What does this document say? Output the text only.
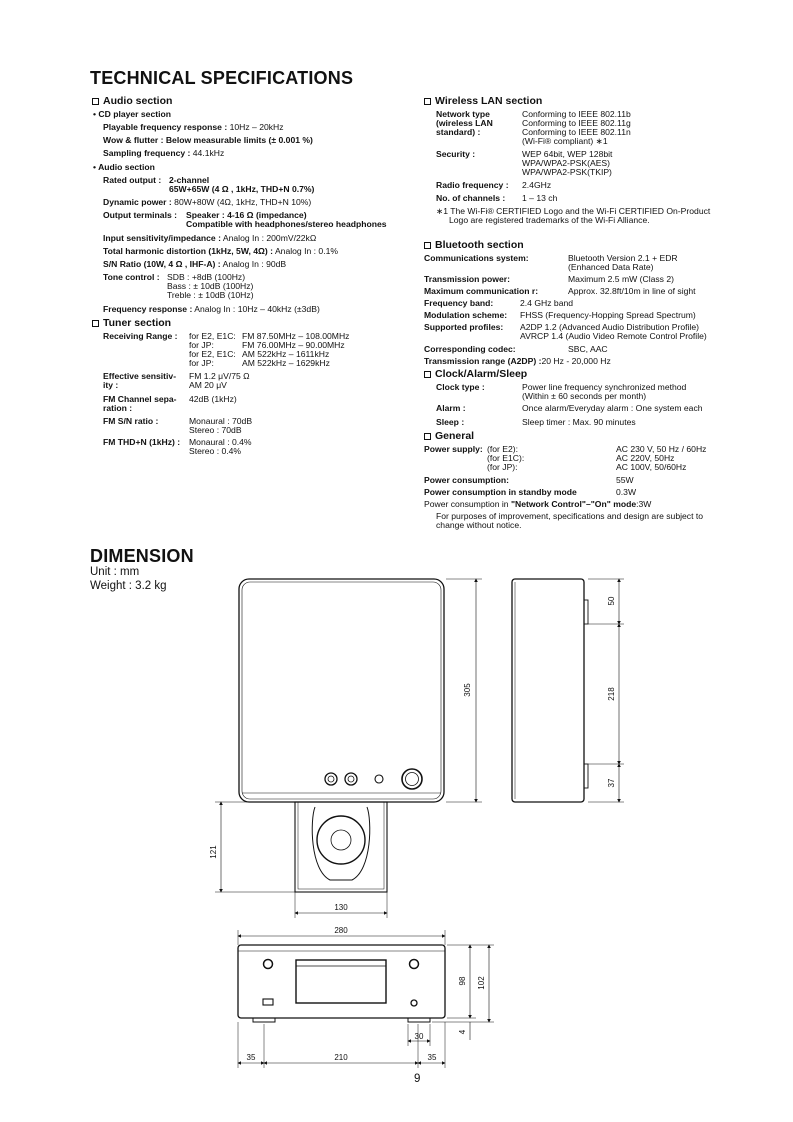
TECHNICAL SPECIFICATIONS
Audio section
• CD player section
Playable frequency response : 10Hz – 20kHz
Wow & flutter : Below measurable limits (± 0.001 %)
Sampling frequency : 44.1kHz
• Audio section
Rated output : 2-channel
65W+65W (4 Ω , 1kHz, THD+N 0.7%)
Dynamic power : 80W+80W (4Ω, 1kHz, THD+N 10%)
Output terminals : Speaker : 4-16 Ω (impedance)
Compatible with headphones/stereo headphones
Input sensitivity/impedance : Analog In : 200mV/22kΩ
Total harmonic distortion (1kHz, 5W, 4Ω) : Analog In : 0.1%
S/N Ratio (10W, 4 Ω , IHF-A) : Analog In : 90dB
Tone control : SDB : +8dB (100Hz)
Bass : ± 10dB (100Hz)
Treble : ± 10dB (10Hz)
Frequency response : Analog In : 10Hz – 40kHz (±3dB)
Tuner section
Receiving Range : for E2, E1C: FM 87.50MHz – 108.00MHz
for JP:	FM 76.00MHz – 90.00MHz
for E2, E1C: AM 522kHz – 1611kHz
for JP:	AM 522kHz – 1629kHz
Effective sensitiv-
ity :
FM 1.2 μV/75 Ω
AM 20 μV
FM Channel sepa-
ration :
42dB (1kHz)
FM S/N ratio :	Monaural : 70dB
Stereo : 70dB
FM THD+N (1kHz) : Monaural : 0.4%
Stereo : 0.4%
Wireless LAN section
Network type
(wireless LAN
standard) :
Conforming to IEEE 802.11b
Conforming to IEEE 802.11g
Conforming to IEEE 802.11n
(Wi-Fi® compliant) ∗1
Security :	WEP 64bit, WEP 128bit
WPA/WPA2-PSK(AES)
WPA/WPA2-PSK(TKIP)
Radio frequency : 2.4GHz
No. of channels : 1 – 13 ch
∗1 The Wi-Fi® CERTIFIED Logo and the Wi-Fi CERTIFIED On-Product
Logo are registered trademarks of the Wi-Fi Alliance.
Bluetooth section
Communications system:	Bluetooth Version 2.1 + EDR
(Enhanced Data Rate)
Transmission power:	Maximum 2.5 mW (Class 2)
Maximum communication r:	Approx. 32.8ft/10m in line of sight
Frequency band:	2.4 GHz band
Modulation scheme: FHSS (Frequency-Hopping Spread Spectrum)
Supported profiles: A2DP 1.2 (Advanced Audio Distribution Profile)
AVRCP 1.4 (Audio Video Remote Control Profile)
Corresponding codec:	SBC, AAC
Transmission range (A2DP) :20 Hz - 20,000 Hz
Clock/Alarm/Sleep
Clock type :	Power line frequency synchronized method
(Within ± 60 seconds per month)
Alarm :	Once alarm/Everyday alarm : One system each
Sleep :	Sleep timer : Max. 90 minutes
General
Power supply: (for E2):	AC 230 V, 50 Hz / 60Hz
(for E1C):	AC 220V, 50Hz
(for JP):	AC 100V, 50/60Hz
Power consumption:	55W
Power consumption in standby mode	0.3W
Power consumption in "Network Control"–"On" mode:3W
For purposes of improvement, specifications and design are subject to
change without notice.
DIMENSION
Unit : mm
Weight : 3.2 kg
305
50
218
37
121
130
280
98 102
4
30
35	210	35
9
